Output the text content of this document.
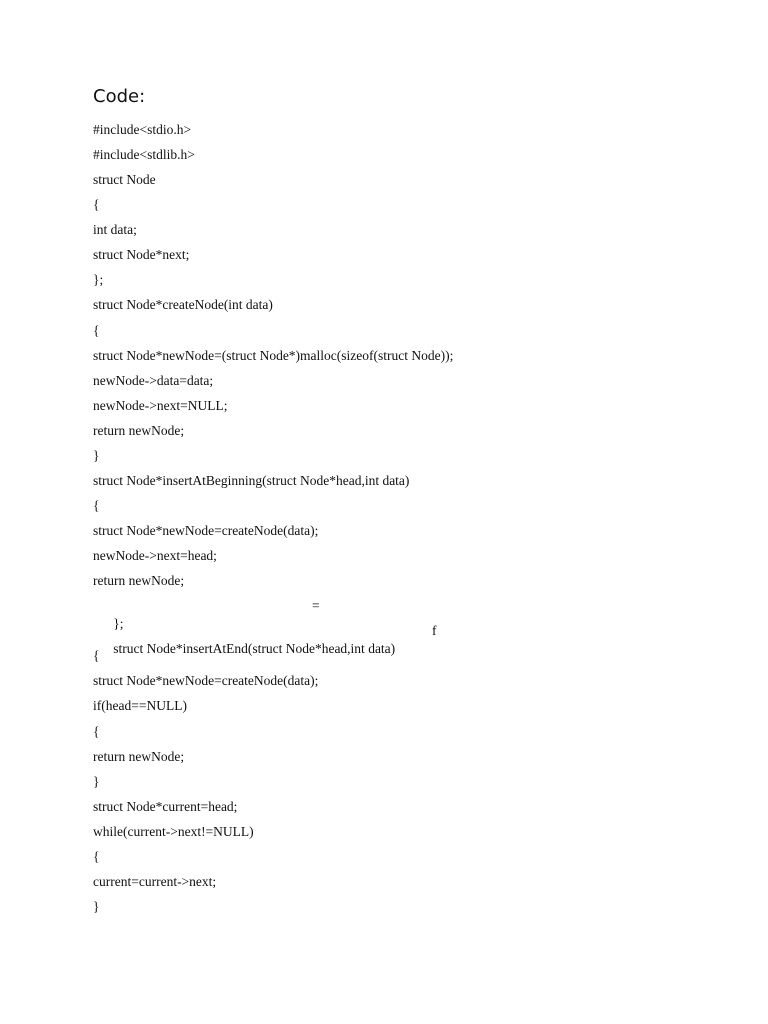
Code:
#include<stdio.h>
#include<stdlib.h>
struct Node
{
int data;
struct Node*next;
};
struct Node*createNode(int data)
{
struct Node*newNode=(struct Node*)malloc(sizeof(struct Node));
newNode->data=data;
newNode->next=NULL;
return newNode;
}
struct Node*insertAtBeginning(struct Node*head,int data)
{
struct Node*newNode=createNode(data);
newNode->next=head;
return newNode;

};

=

struct Node*insertAtEnd(struct Node*head,int data)

f

{
struct Node*newNode=createNode(data);
if(head==NULL)
{
return newNode;
}
struct Node*current=head;
while(current->next!=NULL)
{
current=current->next;
}
